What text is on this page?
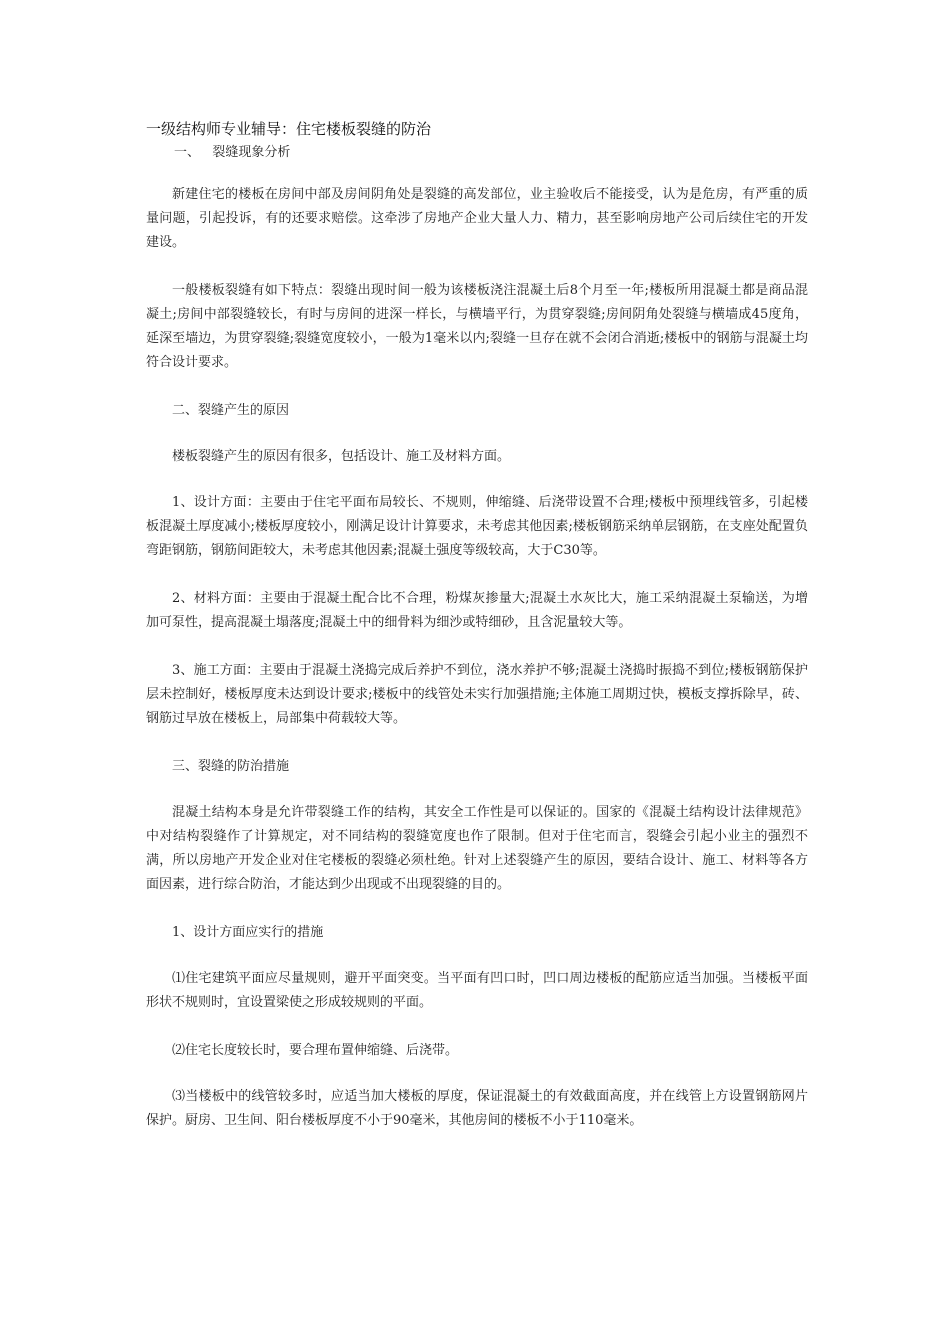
一级结构师专业辅导：住宅楼板裂缝的防治
一、   裂缝现象分析

新建住宅的楼板在房间中部及房间阴角处是裂缝的高发部位，业主验收后不能接受，认为是危房，有严重的质量问题，引起投诉，有的还要求赔偿。这牵涉了房地产企业大量人力、精力，甚至影响房地产公司后续住宅的开发建设。

一般楼板裂缝有如下特点：裂缝出现时间一般为该楼板浇注混凝土后8个月至一年;楼板所用混凝土都是商品混凝土;房间中部裂缝较长，有时与房间的进深一样长，与横墙平行，为贯穿裂缝;房间阴角处裂缝与横墙成45度角，延深至墙边，为贯穿裂缝;裂缝宽度较小，一般为1毫米以内;裂缝一旦存在就不会闭合消逝;楼板中的钢筋与混凝土均符合设计要求。

二、裂缝产生的原因

楼板裂缝产生的原因有很多，包括设计、施工及材料方面。

1、设计方面：主要由于住宅平面布局较长、不规则，伸缩缝、后浇带设置不合理;楼板中预埋线管多，引起楼板混凝土厚度减小;楼板厚度较小，刚满足设计计算要求，未考虑其他因素;楼板钢筋采纳单层钢筋，在支座处配置负弯距钢筋，钢筋间距较大，未考虑其他因素;混凝土强度等级较高，大于C30等。

2、材料方面：主要由于混凝土配合比不合理，粉煤灰掺量大;混凝土水灰比大，施工采纳混凝土泵输送，为增加可泵性，提高混凝土塌落度;混凝土中的细骨料为细沙或特细砂，且含泥量较大等。

3、施工方面：主要由于混凝土浇捣完成后养护不到位，浇水养护不够;混凝土浇捣时振捣不到位;楼板钢筋保护层未控制好，楼板厚度未达到设计要求;楼板中的线管处未实行加强措施;主体施工周期过快，模板支撑拆除早，砖、钢筋过早放在楼板上，局部集中荷载较大等。

三、裂缝的防治措施

混凝土结构本身是允许带裂缝工作的结构，其安全工作性是可以保证的。国家的《混凝土结构设计法律规范》中对结构裂缝作了计算规定，对不同结构的裂缝宽度也作了限制。但对于住宅而言，裂缝会引起小业主的强烈不满，所以房地产开发企业对住宅楼板的裂缝必须杜绝。针对上述裂缝产生的原因，要结合设计、施工、材料等各方面因素，进行综合防治，才能达到少出现或不出现裂缝的目的。

1、设计方面应实行的措施

⑴住宅建筑平面应尽量规则，避开平面突变。当平面有凹口时，凹口周边楼板的配筋应适当加强。当楼板平面形状不规则时，宜设置梁使之形成较规则的平面。

⑵住宅长度较长时，要合理布置伸缩缝、后浇带。

⑶当楼板中的线管较多时，应适当加大楼板的厚度，保证混凝土的有效截面高度，并在线管上方设置钢筋网片保护。厨房、卫生间、阳台楼板厚度不小于90毫米，其他房间的楼板不小于110毫米。
